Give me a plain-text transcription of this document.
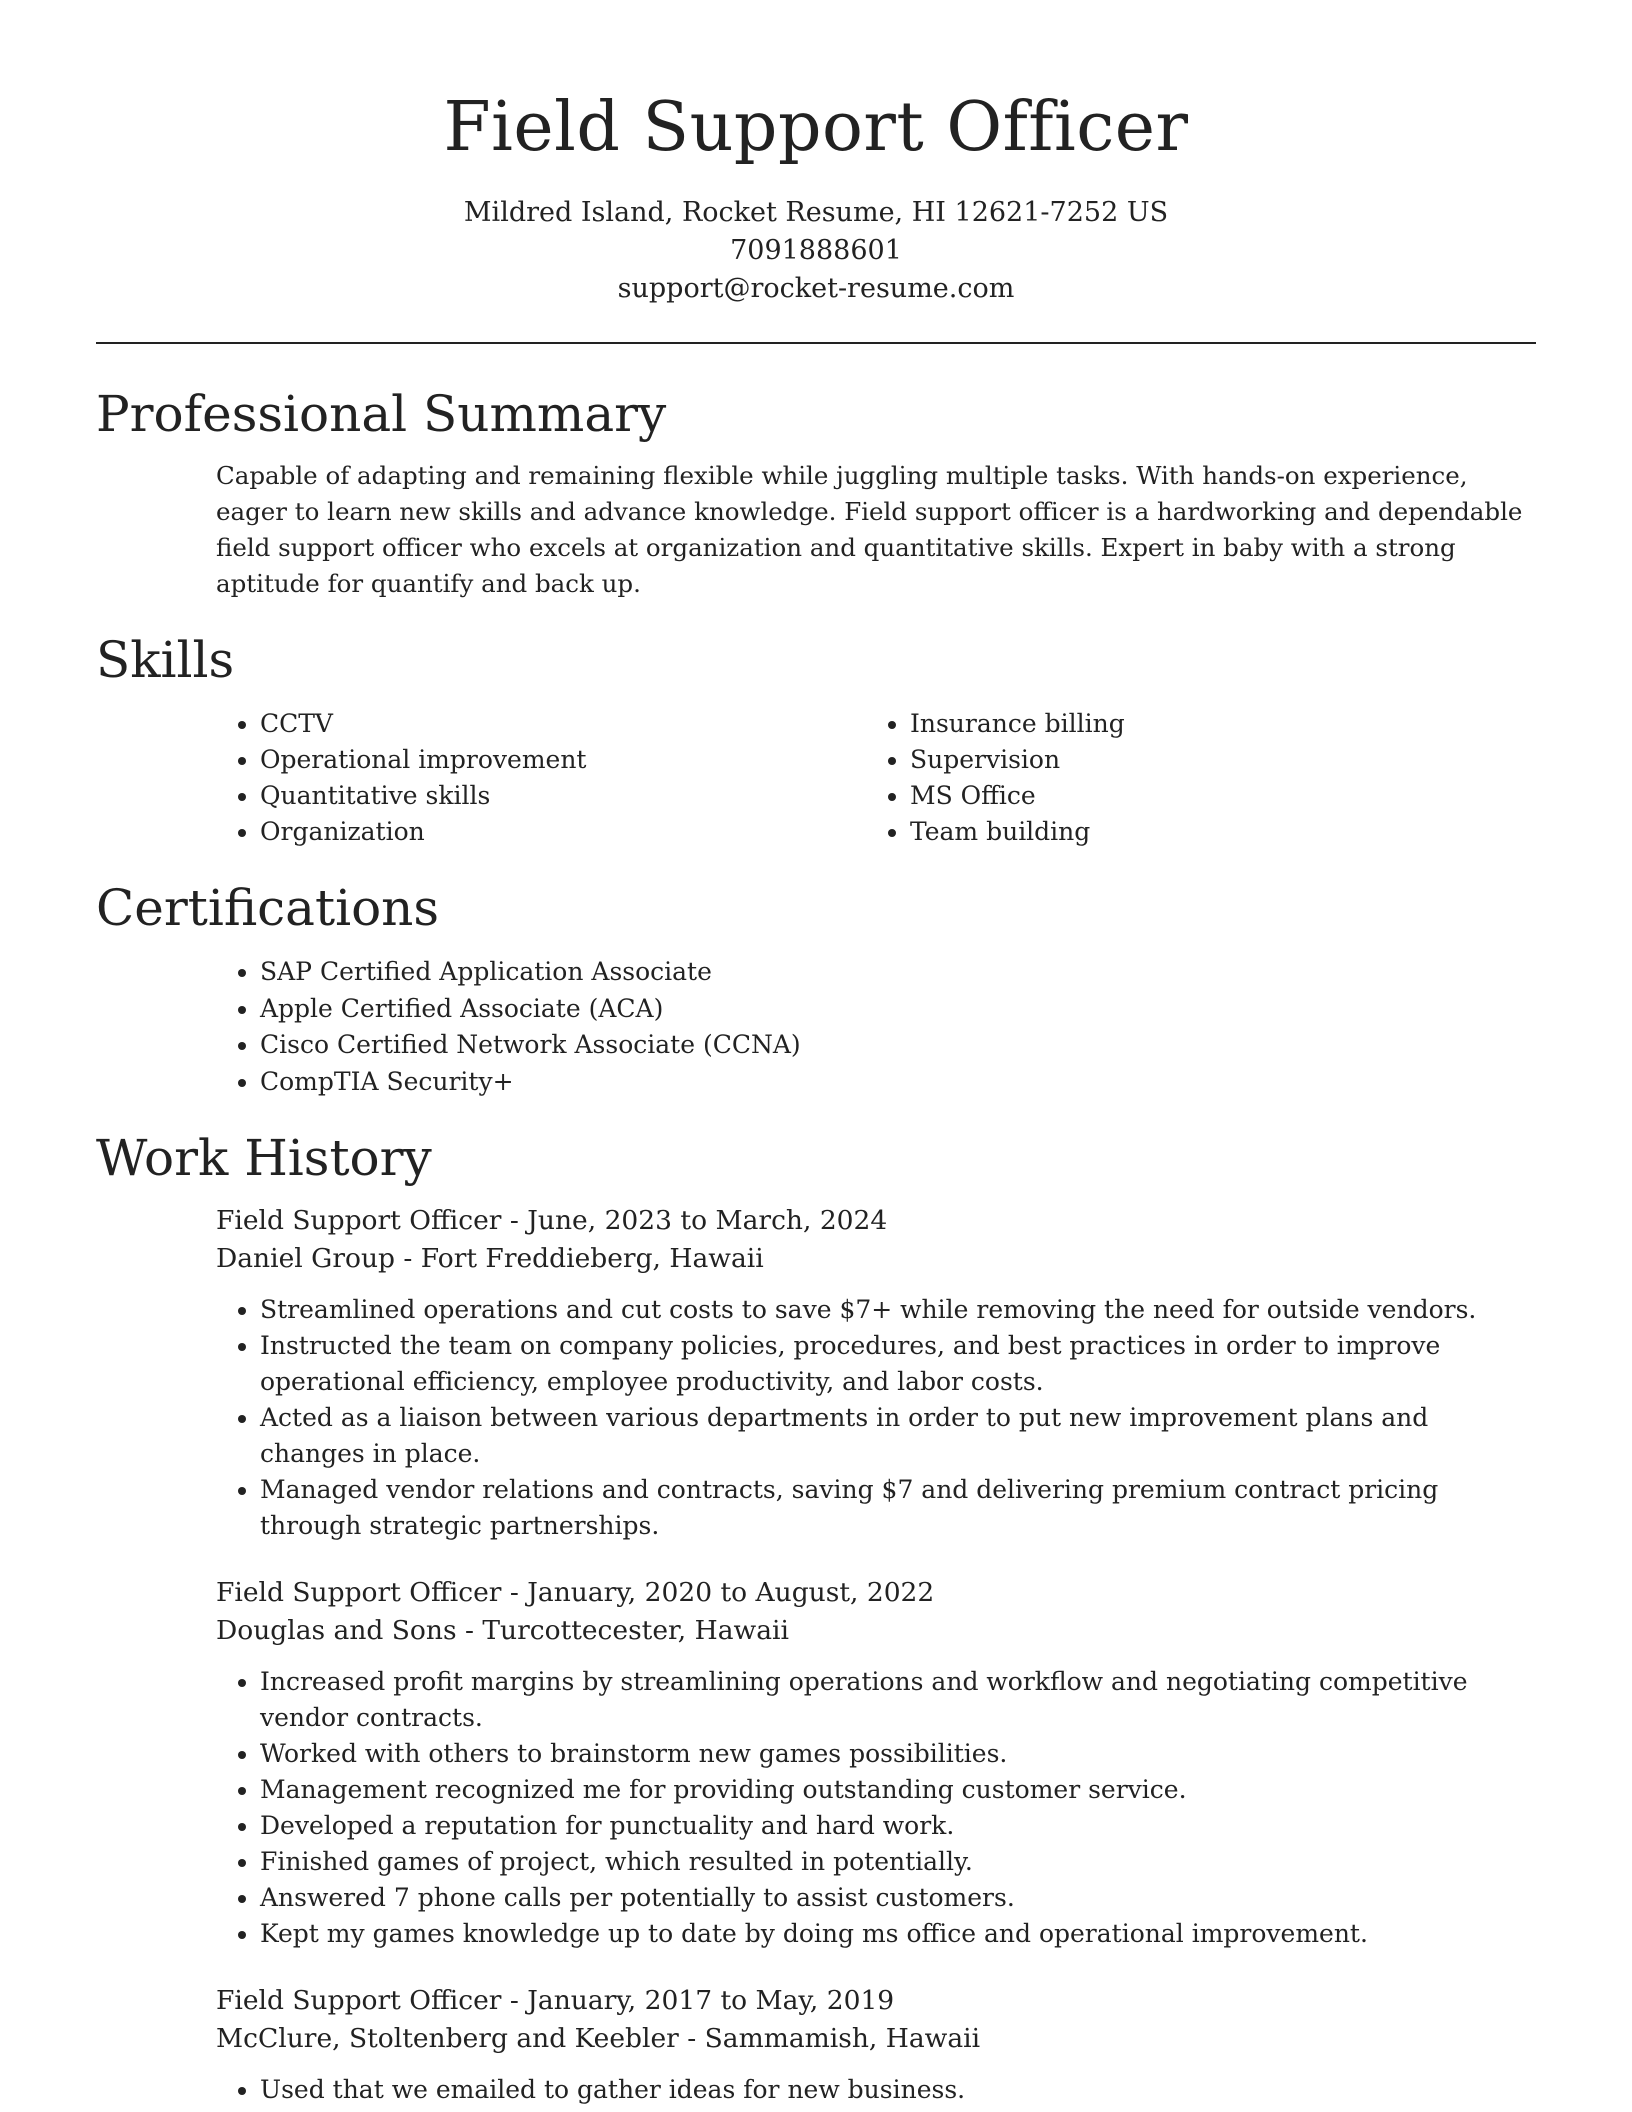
Field Support Officer
Mildred Island, Rocket Resume, HI 12621-7252 US
7091888601
support@rocket-resume.com
Professional Summary

Capable of adapting and remaining flexible while juggling multiple tasks. With hands-on experience, eager to learn new skills and advance knowledge. Field support officer is a hardworking and dependable field support officer who excels at organization and quantitative skills. Expert in baby with a strong aptitude for quantify and back up.

Skills
• CCTV
• Operational improvement
• Quantitative skills
• Organization
• Insurance billing
• Supervision
• MS Office
• Team building
Certifications
• SAP Certified Application Associate
• Apple Certified Associate (ACA)
• Cisco Certified Network Associate (CCNA)
• CompTIA Security+
Work History
Field Support Officer - June, 2023 to March, 2024
Daniel Group - Fort Freddieberg, Hawaii
• Streamlined operations and cut costs to save $7+ while removing the need for outside vendors.
• Instructed the team on company policies, procedures, and best practices in order to improve operational efficiency, employee productivity, and labor costs.
• Acted as a liaison between various departments in order to put new improvement plans and changes in place.
• Managed vendor relations and contracts, saving $7 and delivering premium contract pricing through strategic partnerships.
Field Support Officer - January, 2020 to August, 2022
Douglas and Sons - Turcottecester, Hawaii
• Increased profit margins by streamlining operations and workflow and negotiating competitive vendor contracts.
• Worked with others to brainstorm new games possibilities.
• Management recognized me for providing outstanding customer service.
• Developed a reputation for punctuality and hard work.
• Finished games of project, which resulted in potentially.
• Answered 7 phone calls per potentially to assist customers.
• Kept my games knowledge up to date by doing ms office and operational improvement.
Field Support Officer - January, 2017 to May, 2019
McClure, Stoltenberg and Keebler - Sammamish, Hawaii
• Used that we emailed to gather ideas for new business.
